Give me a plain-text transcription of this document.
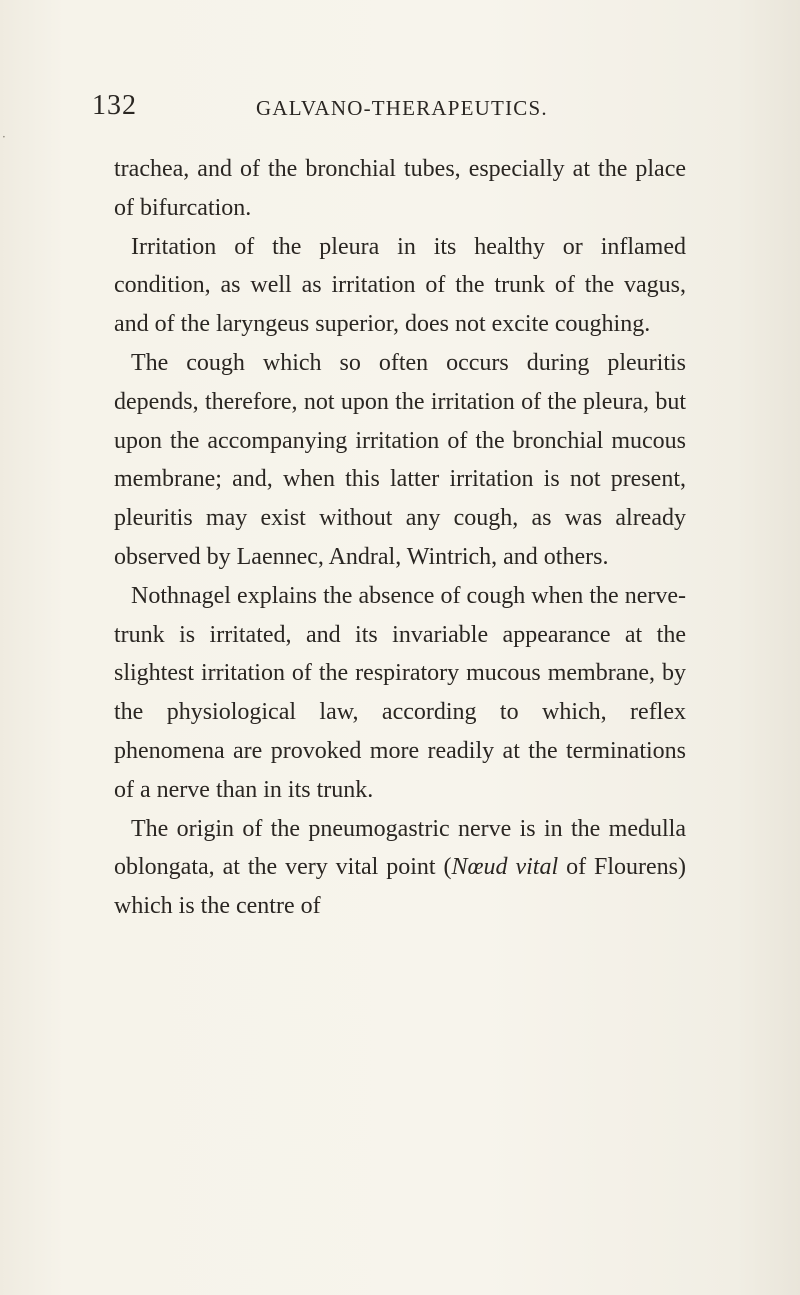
·
132	GALVANO-THERAPEUTICS.

trachea, and of the bronchial tubes, especially at the place of bifurcation.

Irritation of the pleura in its healthy or inflamed condition, as well as irritation of the trunk of the vagus, and of the laryngeus superior, does not excite coughing.

The cough which so often occurs during pleuritis depends, therefore, not upon the irritation of the pleura, but upon the accompanying irritation of the bronchial mucous membrane; and, when this latter irritation is not present, pleuritis may exist without any cough, as was already observed by Laennec, Andral, Wintrich, and others.

Nothnagel explains the absence of cough when the nerve-trunk is irritated, and its invariable appearance at the slightest irritation of the respiratory mucous membrane, by the physiological law, according to which, reflex phenomena are provoked more readily at the terminations of a nerve than in its trunk.

The origin of the pneumogastric nerve is in the medulla oblongata, at the very vital point (Nœud vital of Flourens) which is the centre of
